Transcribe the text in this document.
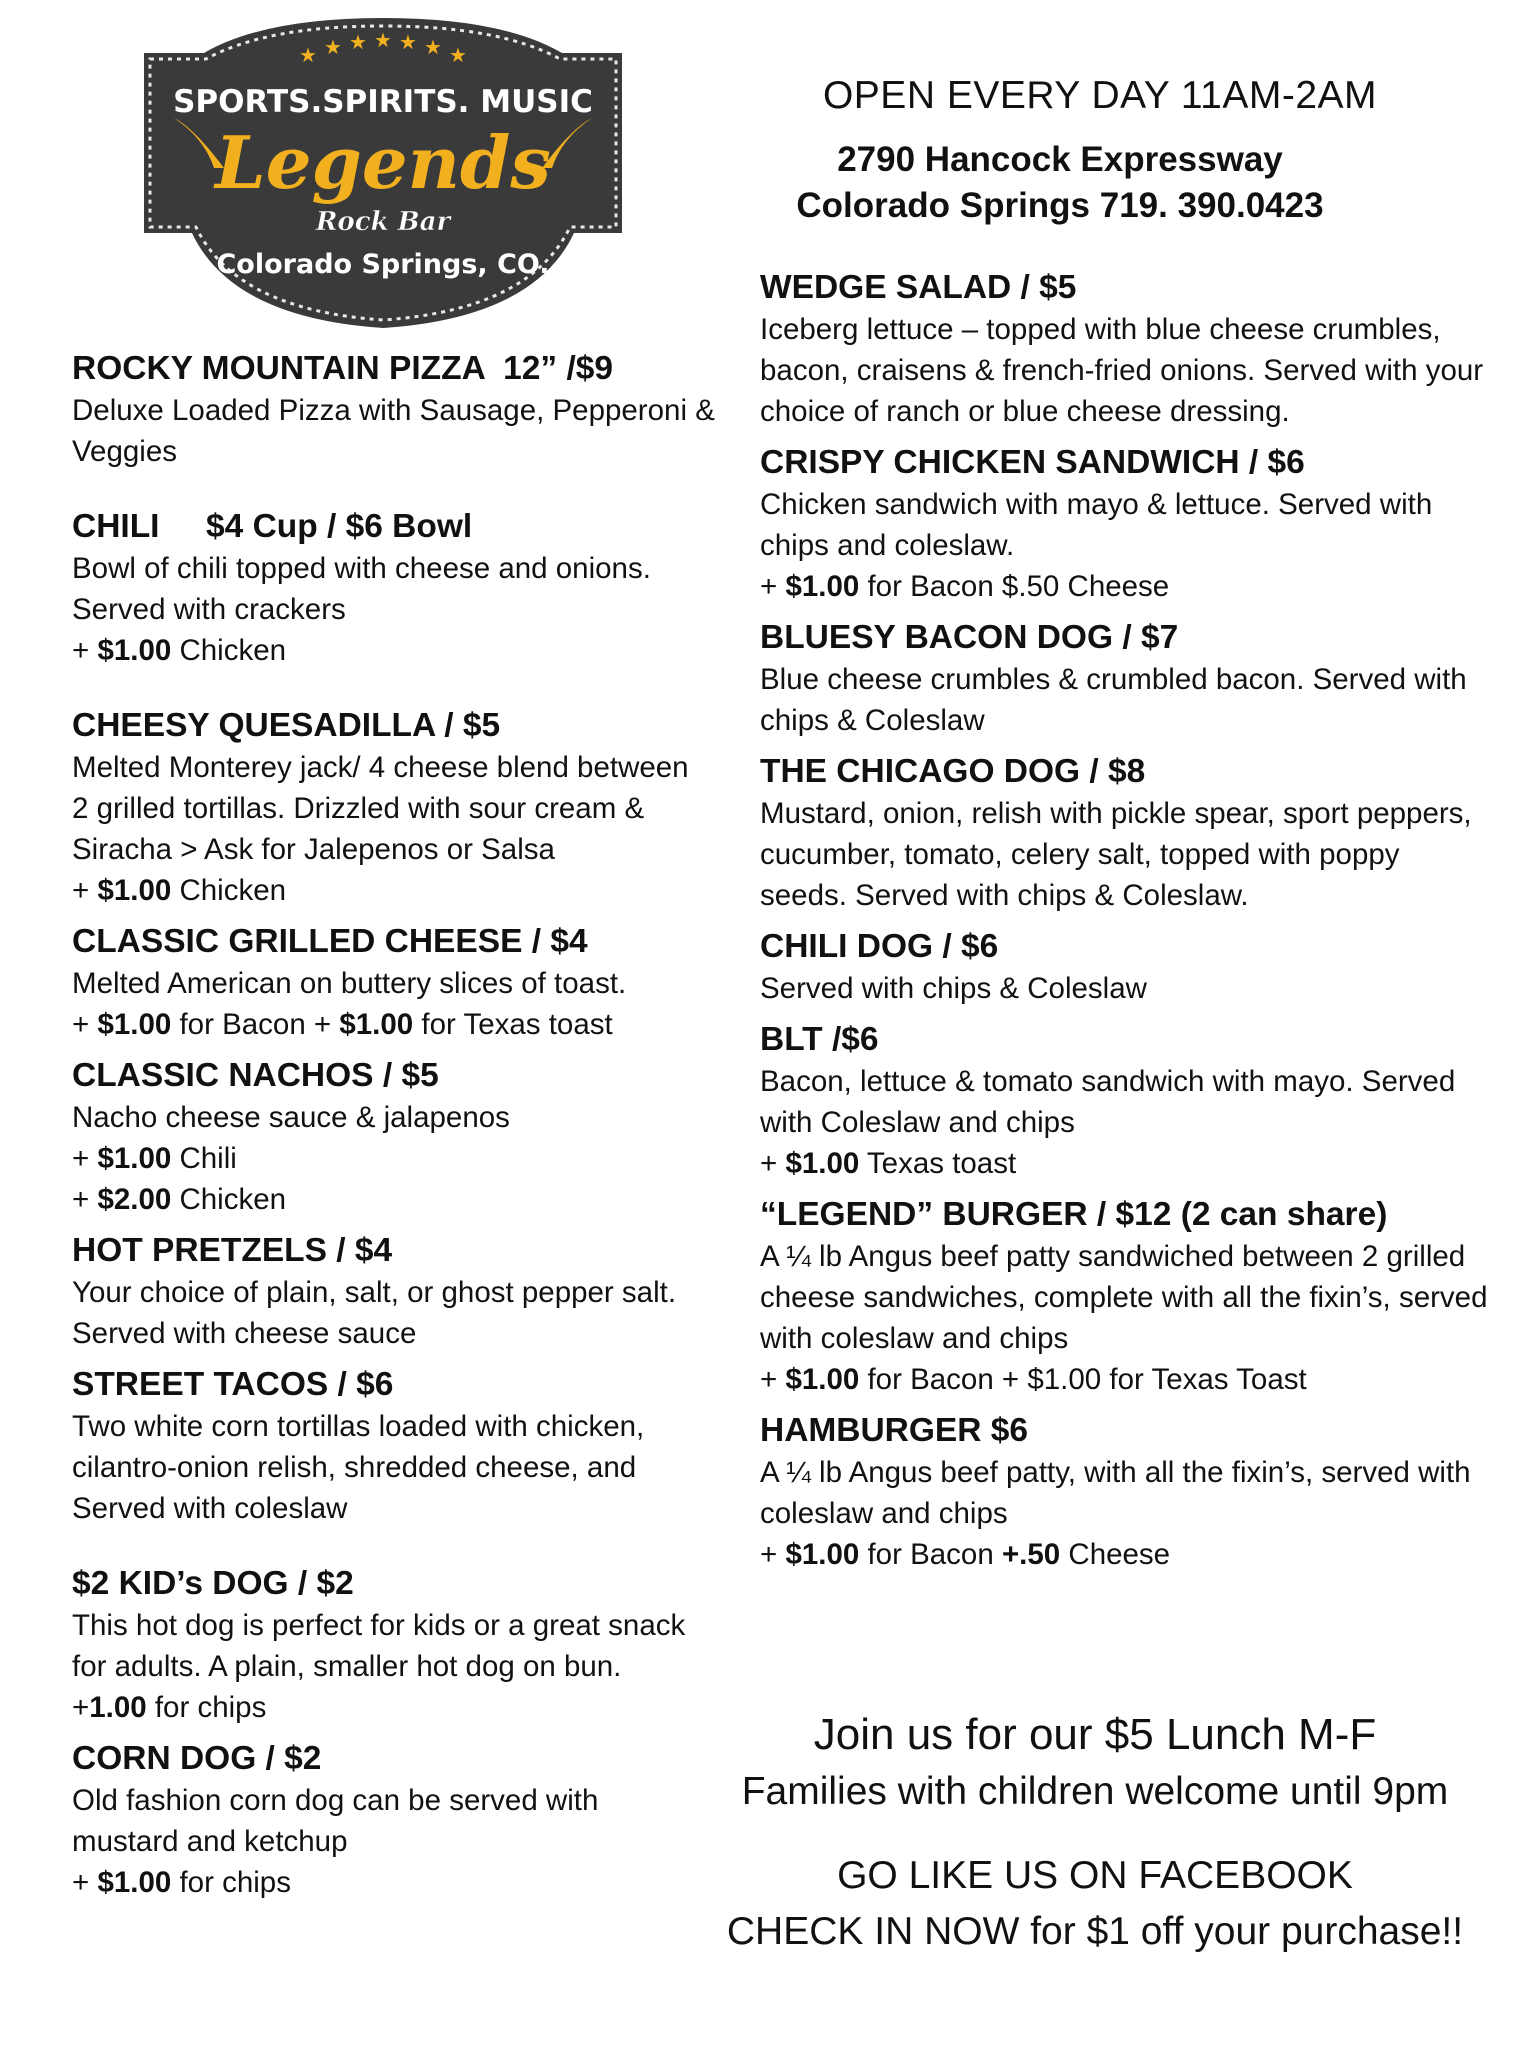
★ ★ ★ ★ ★ ★ ★
SPORTS.SPIRITS. MUSIC
Legends
Rock Bar
Colorado Springs, CO.
OPEN EVERY DAY 11AM-2AM
2790 Hancock Expressway
Colorado Springs 719. 390.0423
ROCKY MOUNTAIN PIZZA  12” /$9
Deluxe Loaded Pizza with Sausage, Pepperoni &
Veggies
CHILI     $4 Cup / $6 Bowl
Bowl of chili topped with cheese and onions.
Served with crackers
+ $1.00 Chicken
CHEESY QUESADILLA / $5
Melted Monterey jack/ 4 cheese blend between
2 grilled tortillas. Drizzled with sour cream &
Siracha > Ask for Jalepenos or Salsa
+ $1.00 Chicken
CLASSIC GRILLED CHEESE / $4
Melted American on buttery slices of toast.
+ $1.00 for Bacon + $1.00 for Texas toast
CLASSIC NACHOS / $5
Nacho cheese sauce & jalapenos
+ $1.00 Chili
+ $2.00 Chicken
HOT PRETZELS / $4
Your choice of plain, salt, or ghost pepper salt.
Served with cheese sauce
STREET TACOS / $6
Two white corn tortillas loaded with chicken,
cilantro-onion relish, shredded cheese, and
Served with coleslaw
$2 KID’s DOG / $2
This hot dog is perfect for kids or a great snack
for adults. A plain, smaller hot dog on bun.
+1.00 for chips
CORN DOG / $2
Old fashion corn dog can be served with
mustard and ketchup
+ $1.00 for chips
WEDGE SALAD / $5
Iceberg lettuce – topped with blue cheese crumbles,
bacon, craisens & french-fried onions. Served with your
choice of ranch or blue cheese dressing.
CRISPY CHICKEN SANDWICH / $6
Chicken sandwich with mayo & lettuce. Served with
chips and coleslaw.
+ $1.00 for Bacon $.50 Cheese
BLUESY BACON DOG / $7
Blue cheese crumbles & crumbled bacon. Served with
chips & Coleslaw
THE CHICAGO DOG / $8
Mustard, onion, relish with pickle spear, sport peppers,
cucumber, tomato, celery salt, topped with poppy
seeds. Served with chips & Coleslaw.
CHILI DOG / $6
Served with chips & Coleslaw
BLT /$6
Bacon, lettuce & tomato sandwich with mayo. Served
with Coleslaw and chips
+ $1.00 Texas toast
“LEGEND” BURGER / $12 (2 can share)
A ¼ lb Angus beef patty sandwiched between 2 grilled
cheese sandwiches, complete with all the fixin’s, served
with coleslaw and chips
+ $1.00 for Bacon + $1.00 for Texas Toast
HAMBURGER $6
A ¼ lb Angus beef patty, with all the fixin’s, served with
coleslaw and chips
+ $1.00 for Bacon +.50 Cheese
Join us for our $5 Lunch M-F
Families with children welcome until 9pm
GO LIKE US ON FACEBOOK
CHECK IN NOW for $1 off your purchase!!
